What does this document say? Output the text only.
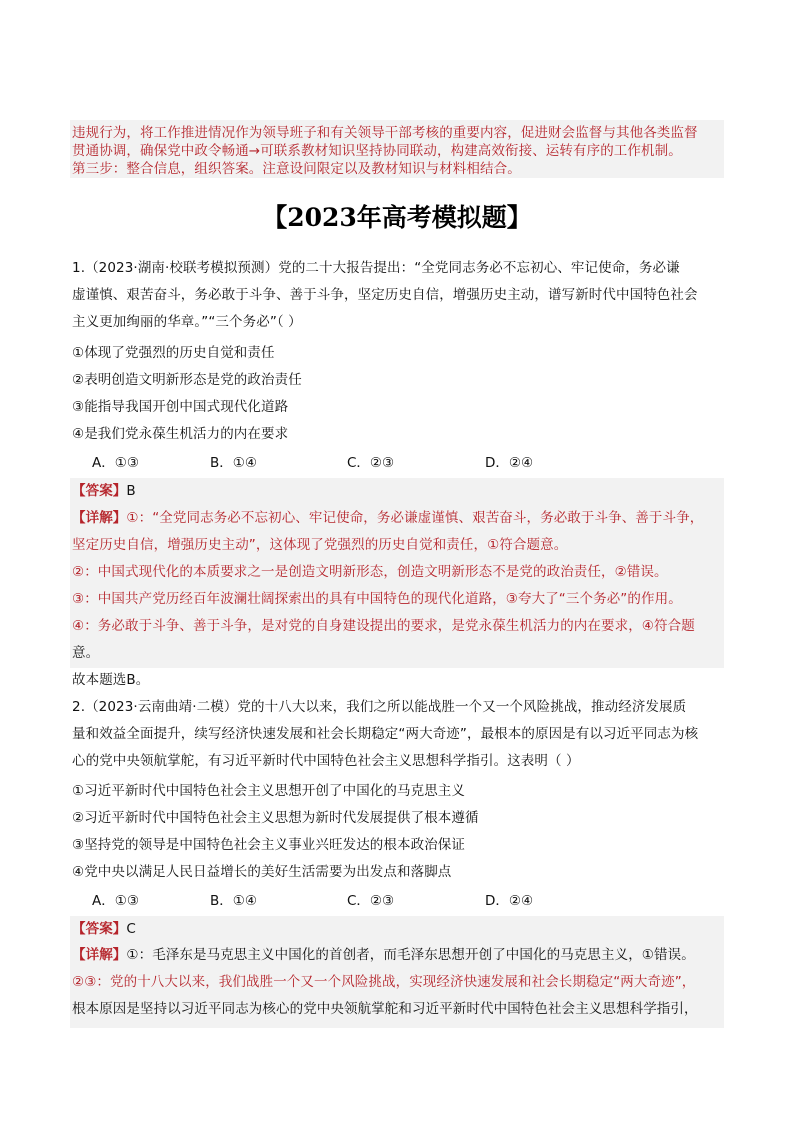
违规行为，将工作推进情况作为领导班子和有关领导干部考核的重要内容，促进财会监督与其他各类监督
贯通协调，确保党中政令畅通→可联系教材知识坚持协同联动，构建高效衔接、运转有序的工作机制。
第三步：整合信息，组织答案。注意设问限定以及教材知识与材料相结合。
【2023年高考模拟题】
1.（2023·湖南·校联考模拟预测）党的二十大报告提出：“全党同志务必不忘初心、牢记使命，务必谦
虚谨慎、艰苦奋斗，务必敢于斗争、善于斗争，坚定历史自信，增强历史主动，谱写新时代中国特色社会
主义更加绚丽的华章。”“三个务必”（ ）
①体现了党强烈的历史自觉和责任
②表明创造文明新形态是党的政治责任
③能指导我国开创中国式现代化道路
④是我们党永葆生机活力的内在要求
A．①③	B．①④	C．②③	D．②④
【答案】B
【详解】①：“全党同志务必不忘初心、牢记使命，务必谦虚谨慎、艰苦奋斗，务必敢于斗争、善于斗争，
坚定历史自信，增强历史主动”，这体现了党强烈的历史自觉和责任，①符合题意。
②：中国式现代化的本质要求之一是创造文明新形态，创造文明新形态不是党的政治责任，②错误。
③：中国共产党历经百年波澜壮阔探索出的具有中国特色的现代化道路，③夸大了“三个务必”的作用。
④：务必敢于斗争、善于斗争，是对党的自身建设提出的要求，是党永葆生机活力的内在要求，④符合题
意。
故本题选B。
2.（2023·云南曲靖·二模）党的十八大以来，我们之所以能战胜一个又一个风险挑战，推动经济发展质
量和效益全面提升，续写经济快速发展和社会长期稳定“两大奇迹”，最根本的原因是有以习近平同志为核
心的党中央领航掌舵，有习近平新时代中国特色社会主义思想科学指引。这表明（ ）
①习近平新时代中国特色社会主义思想开创了中国化的马克思主义
②习近平新时代中国特色社会主义思想为新时代发展提供了根本遵循
③坚持党的领导是中国特色社会主义事业兴旺发达的根本政治保证
④党中央以满足人民日益增长的美好生活需要为出发点和落脚点
A．①③	B．①④	C．②③	D．②④
【答案】C
【详解】①：毛泽东是马克思主义中国化的首创者，而毛泽东思想开创了中国化的马克思主义，①错误。
②③：党的十八大以来，我们战胜一个又一个风险挑战，实现经济快速发展和社会长期稳定“两大奇迹”，
根本原因是坚持以习近平同志为核心的党中央领航掌舵和习近平新时代中国特色社会主义思想科学指引，
